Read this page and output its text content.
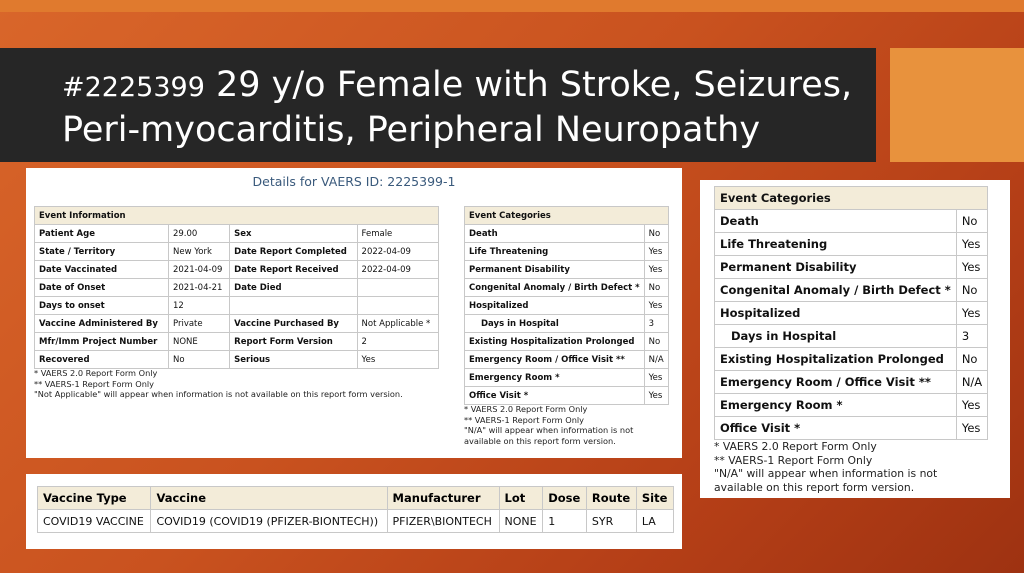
#2225399 29 y/o Female with Stroke, Seizures,
Peri-myocarditis, Peripheral Neuropathy
Details for VAERS ID: 2225399-1
Event Information			
Patient Age	29.00	Sex	Female
State / Territory	New York	Date Report Completed	2022-04-09
Date Vaccinated	2021-04-09	Date Report Received	2022-04-09
Date of Onset	2021-04-21	Date Died	
Days to onset	12		
Vaccine Administered By	Private	Vaccine Purchased By	Not Applicable *
Mfr/Imm Project Number	NONE	Report Form Version	2
Recovered	No	Serious	Yes
Event Categories	
Death	No
Life Threatening	Yes
Permanent Disability	Yes
Congenital Anomaly / Birth Defect *	No
Hospitalized	Yes
Days in Hospital	3
Existing Hospitalization Prolonged	No
Emergency Room / Office Visit **	N/A
Emergency Room *	Yes
Office Visit *	Yes
* VAERS 2.0 Report Form Only
** VAERS-1 Report Form Only
"Not Applicable" will appear when information is not available on this report form version.
* VAERS 2.0 Report Form Only
** VAERS-1 Report Form Only
"N/A" will appear when information is not
available on this report form version.
Vaccine Type	Vaccine	Manufacturer	Lot	Dose	Route	Site
COVID19 VACCINE	COVID19 (COVID19 (PFIZER-BIONTECH))	PFIZER\BIONTECH	NONE	1	SYR	LA
Event Categories	
Death	No
Life Threatening	Yes
Permanent Disability	Yes
Congenital Anomaly / Birth Defect *	No
Hospitalized	Yes
Days in Hospital	3
Existing Hospitalization Prolonged	No
Emergency Room / Office Visit **	N/A
Emergency Room *	Yes
Office Visit *	Yes
* VAERS 2.0 Report Form Only
** VAERS-1 Report Form Only
"N/A" will appear when information is not
available on this report form version.
